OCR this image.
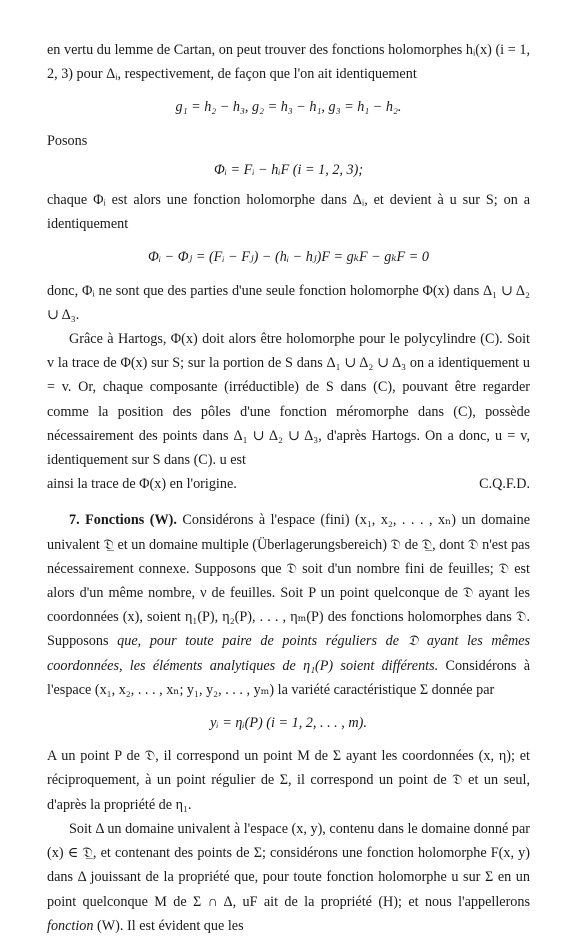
en vertu du lemme de Cartan, on peut trouver des fonctions holomorphes hᵢ(x) (i = 1, 2, 3) pour Δᵢ, respectivement, de façon que l'on ait identiquement

g₁ = h₂ − h₃, g₂ = h₃ − h₁, g₃ = h₁ − h₂.

Posons

Φᵢ = Fᵢ − hᵢF (i = 1, 2, 3);

chaque Φᵢ est alors une fonction holomorphe dans Δᵢ, et devient à u sur S; on a identiquement

Φᵢ − Φⱼ = (Fᵢ − Fⱼ) − (hᵢ − hⱼ)F = gₖF − gₖF = 0

donc, Φᵢ ne sont que des parties d'une seule fonction holomorphe Φ(x) dans Δ₁ ∪ Δ₂ ∪ Δ₃.

Grâce à Hartogs, Φ(x) doit alors être holomorphe pour le polycylindre (C). Soit v la trace de Φ(x) sur S; sur la portion de S dans Δ₁ ∪ Δ₂ ∪ Δ₃ on a identiquement u = v. Or, chaque composante (irréductible) de S dans (C), pouvant être regarder comme la position des pôles d'une fonction méromorphe dans (C), possède nécessairement des points dans Δ₁ ∪ Δ₂ ∪ Δ₃, d'après Hartogs. On a donc, u = v, identiquement sur S dans (C). u est

ainsi la trace de Φ(x) en l'origine.	C.Q.F.D.

7. Fonctions (W). Considérons à l'espace (fini) (x₁, x₂, . . . , xₙ) un domaine univalent 𝔇̲ et un domaine multiple (Überlagerungsbereich) 𝔇 de 𝔇̲, dont 𝔇 n'est pas nécessairement connexe. Supposons que 𝔇 soit d'un nombre fini de feuilles; 𝔇 est alors d'un même nombre, ν de feuilles. Soit P un point quelconque de 𝔇 ayant les coordonnées (x), soient η₁(P), η₂(P), . . . , ηₘ(P) des fonctions holomorphes dans 𝔇. Supposons que, pour toute paire de points réguliers de 𝔇 ayant les mêmes coordonnées, les éléments analytiques de η₁(P) soient différents. Considérons à l'espace (x₁, x₂, . . . , xₙ; y₁, y₂, . . . , yₘ) la variété caractéristique Σ donnée par

yᵢ = ηᵢ(P) (i = 1, 2, . . . , m).

A un point P de 𝔇, il correspond un point M de Σ ayant les coordonnées (x, η); et réciproquement, à un point régulier de Σ, il correspond un point de 𝔇 et un seul, d'après la propriété de η₁.

Soit Δ un domaine univalent à l'espace (x, y), contenu dans le domaine donné par (x) ∈ 𝔇̲, et contenant des points de Σ; considérons une fonction holomorphe F(x, y) dans Δ jouissant de la propriété que, pour toute fonction holomorphe u sur Σ en un point quelconque M de Σ ∩ Δ, uF ait de la propriété (H); et nous l'appellerons fonction (W). Il est évident que les
